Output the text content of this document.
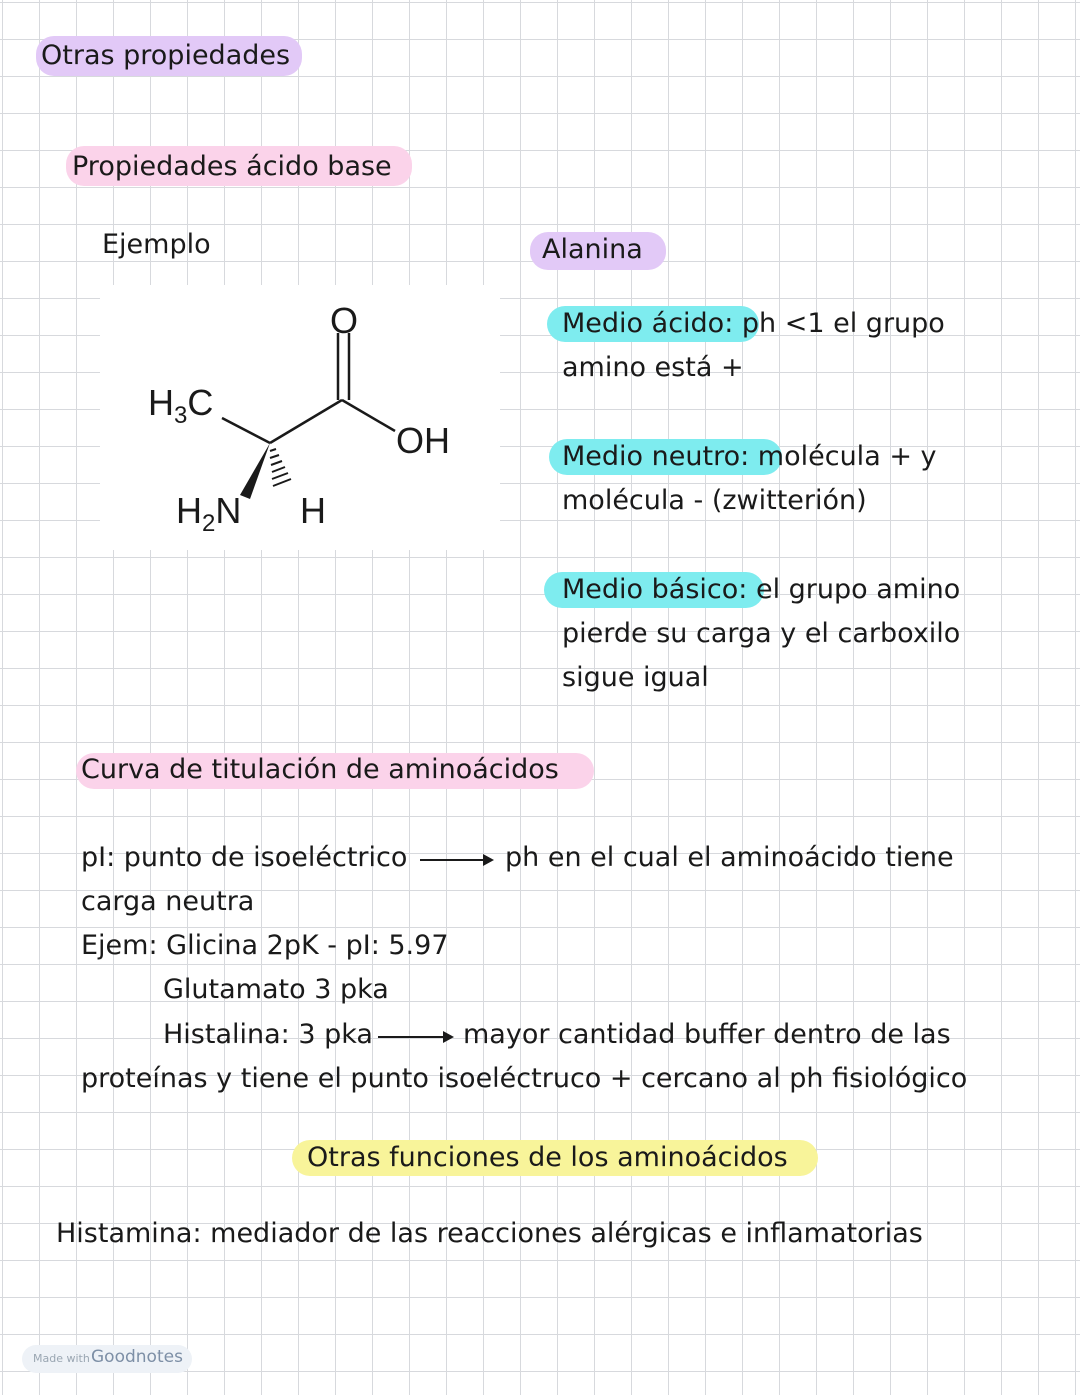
Otras propiedades
Propiedades ácido base
Ejemplo
O
$H_3C$
OH
$H_2N$ H
Alanina
Medio ácido: ph <1 el grupo
amino está +
Medio neutro: molécula + y
molécula - (zwitterión)
Medio básico: el grupo amino
pierde su carga y el carboxilo
sigue igual
Curva de titulación de aminoácidos
pI: punto de isoeléctrico	ph en el cual el aminoácido tiene
carga neutra
Ejem: Glicina 2pK - pI: 5.97
Glutamato 3 pka
Histalina: 3 pka	mayor cantidad buffer dentro de las
proteínas y tiene el punto isoeléctruco + cercano al ph fisiológico
Otras funciones de los aminoácidos
Histamina: mediador de las reacciones alérgicas e inflamatorias
Made with Goodnotes
